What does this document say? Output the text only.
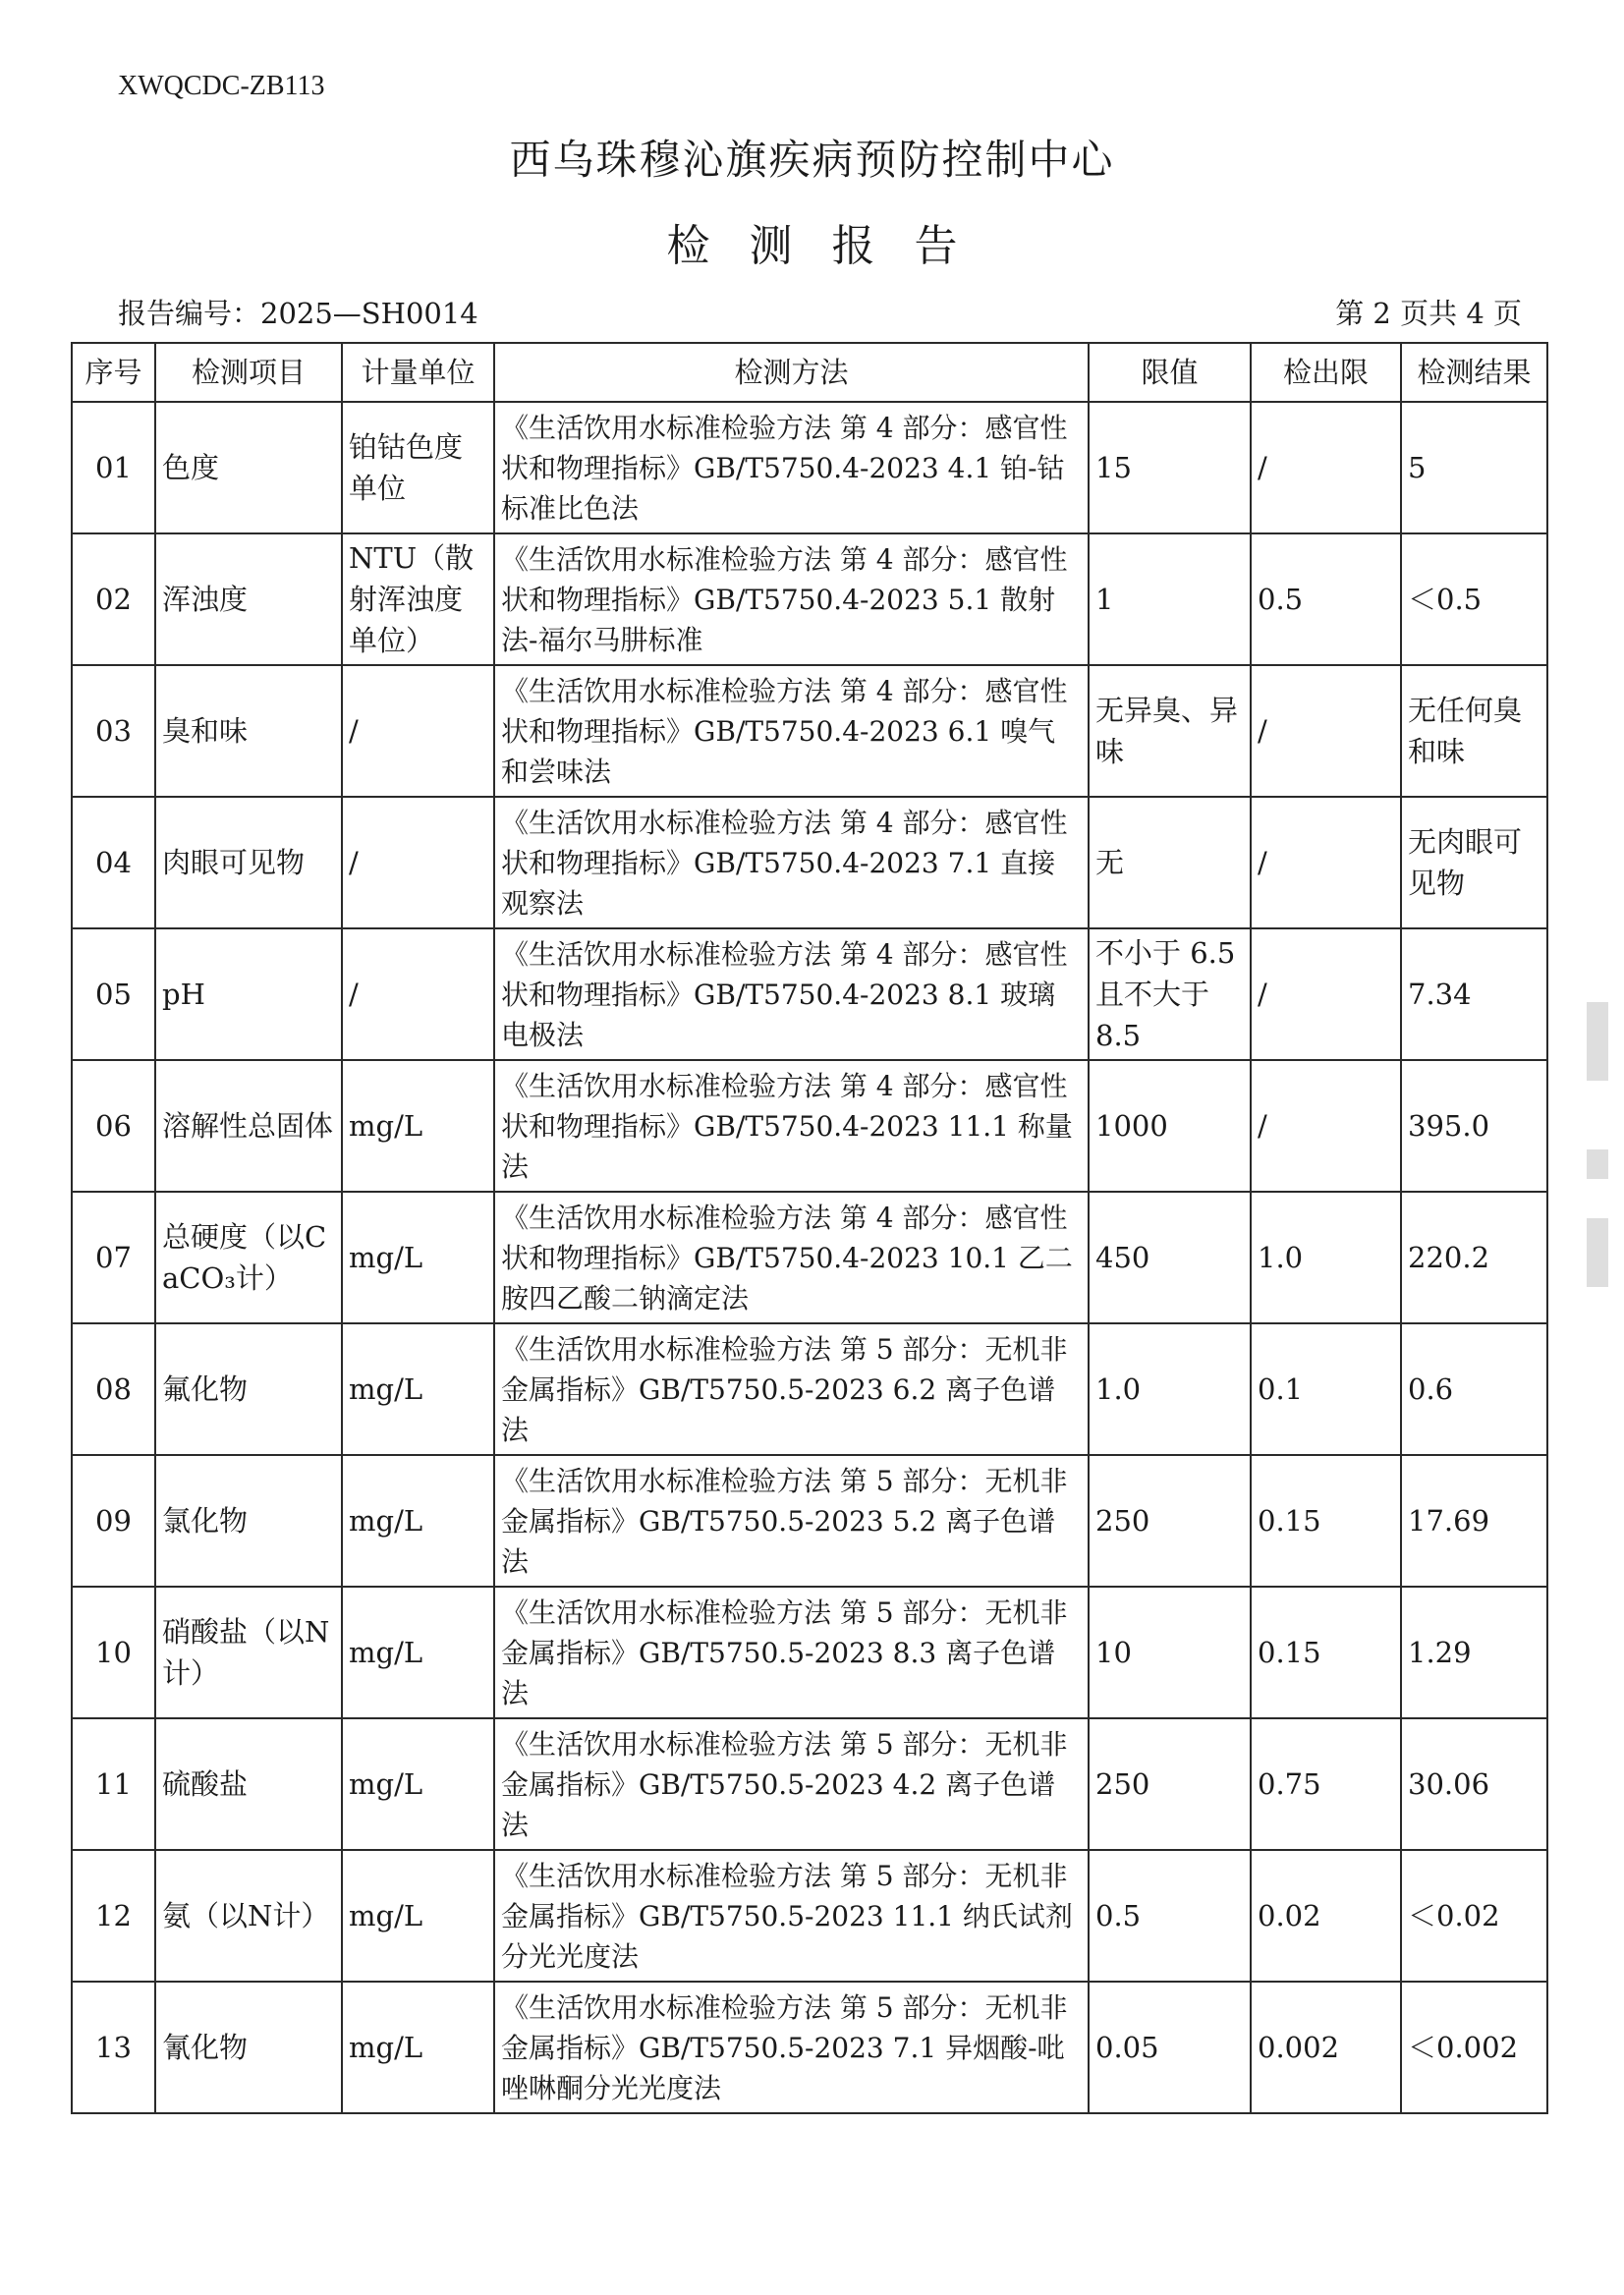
XWQCDC-ZB113
西乌珠穆沁旗疾病预防控制中心
检测报告
报告编号：2025—SH0014	第 2 页共 4 页
序号	检测项目	计量单位	检测方法	限值	检出限	检测结果
01	色度	铂钴色度单位	《生活饮用水标准检验方法 第 4 部分：感官性状和物理指标》GB/T5750.4-2023 4.1 铂-钴标准比色法	15	/	5
02	浑浊度	NTU（散射浑浊度单位）	《生活饮用水标准检验方法 第 4 部分：感官性状和物理指标》GB/T5750.4-2023 5.1 散射法-福尔马肼标准	1	0.5	＜0.5
03	臭和味	/	《生活饮用水标准检验方法 第 4 部分：感官性状和物理指标》GB/T5750.4-2023 6.1 嗅气和尝味法	无异臭、异味	/	无任何臭和味
04	肉眼可见物	/	《生活饮用水标准检验方法 第 4 部分：感官性状和物理指标》GB/T5750.4-2023 7.1 直接观察法	无	/	无肉眼可见物
05	pH	/	《生活饮用水标准检验方法 第 4 部分：感官性状和物理指标》GB/T5750.4-2023 8.1 玻璃电极法	不小于 6.5 且不大于 8.5	/	7.34
06	溶解性总固体	mg/L	《生活饮用水标准检验方法 第 4 部分：感官性状和物理指标》GB/T5750.4-2023 11.1 称量法	1000	/	395.0
07	总硬度（以CaCO₃计）	mg/L	《生活饮用水标准检验方法 第 4 部分：感官性状和物理指标》GB/T5750.4-2023 10.1 乙二胺四乙酸二钠滴定法	450	1.0	220.2
08	氟化物	mg/L	《生活饮用水标准检验方法 第 5 部分：无机非金属指标》GB/T5750.5-2023 6.2 离子色谱法	1.0	0.1	0.6
09	氯化物	mg/L	《生活饮用水标准检验方法 第 5 部分：无机非金属指标》GB/T5750.5-2023 5.2 离子色谱法	250	0.15	17.69
10	硝酸盐（以N计）	mg/L	《生活饮用水标准检验方法 第 5 部分：无机非金属指标》GB/T5750.5-2023 8.3 离子色谱法	10	0.15	1.29
11	硫酸盐	mg/L	《生活饮用水标准检验方法 第 5 部分：无机非金属指标》GB/T5750.5-2023 4.2 离子色谱法	250	0.75	30.06
12	氨（以N计）	mg/L	《生活饮用水标准检验方法 第 5 部分：无机非金属指标》GB/T5750.5-2023 11.1 纳氏试剂分光光度法	0.5	0.02	＜0.02
13	氰化物	mg/L	《生活饮用水标准检验方法 第 5 部分：无机非金属指标》GB/T5750.5-2023 7.1 异烟酸-吡唑啉酮分光光度法	0.05	0.002	＜0.002
